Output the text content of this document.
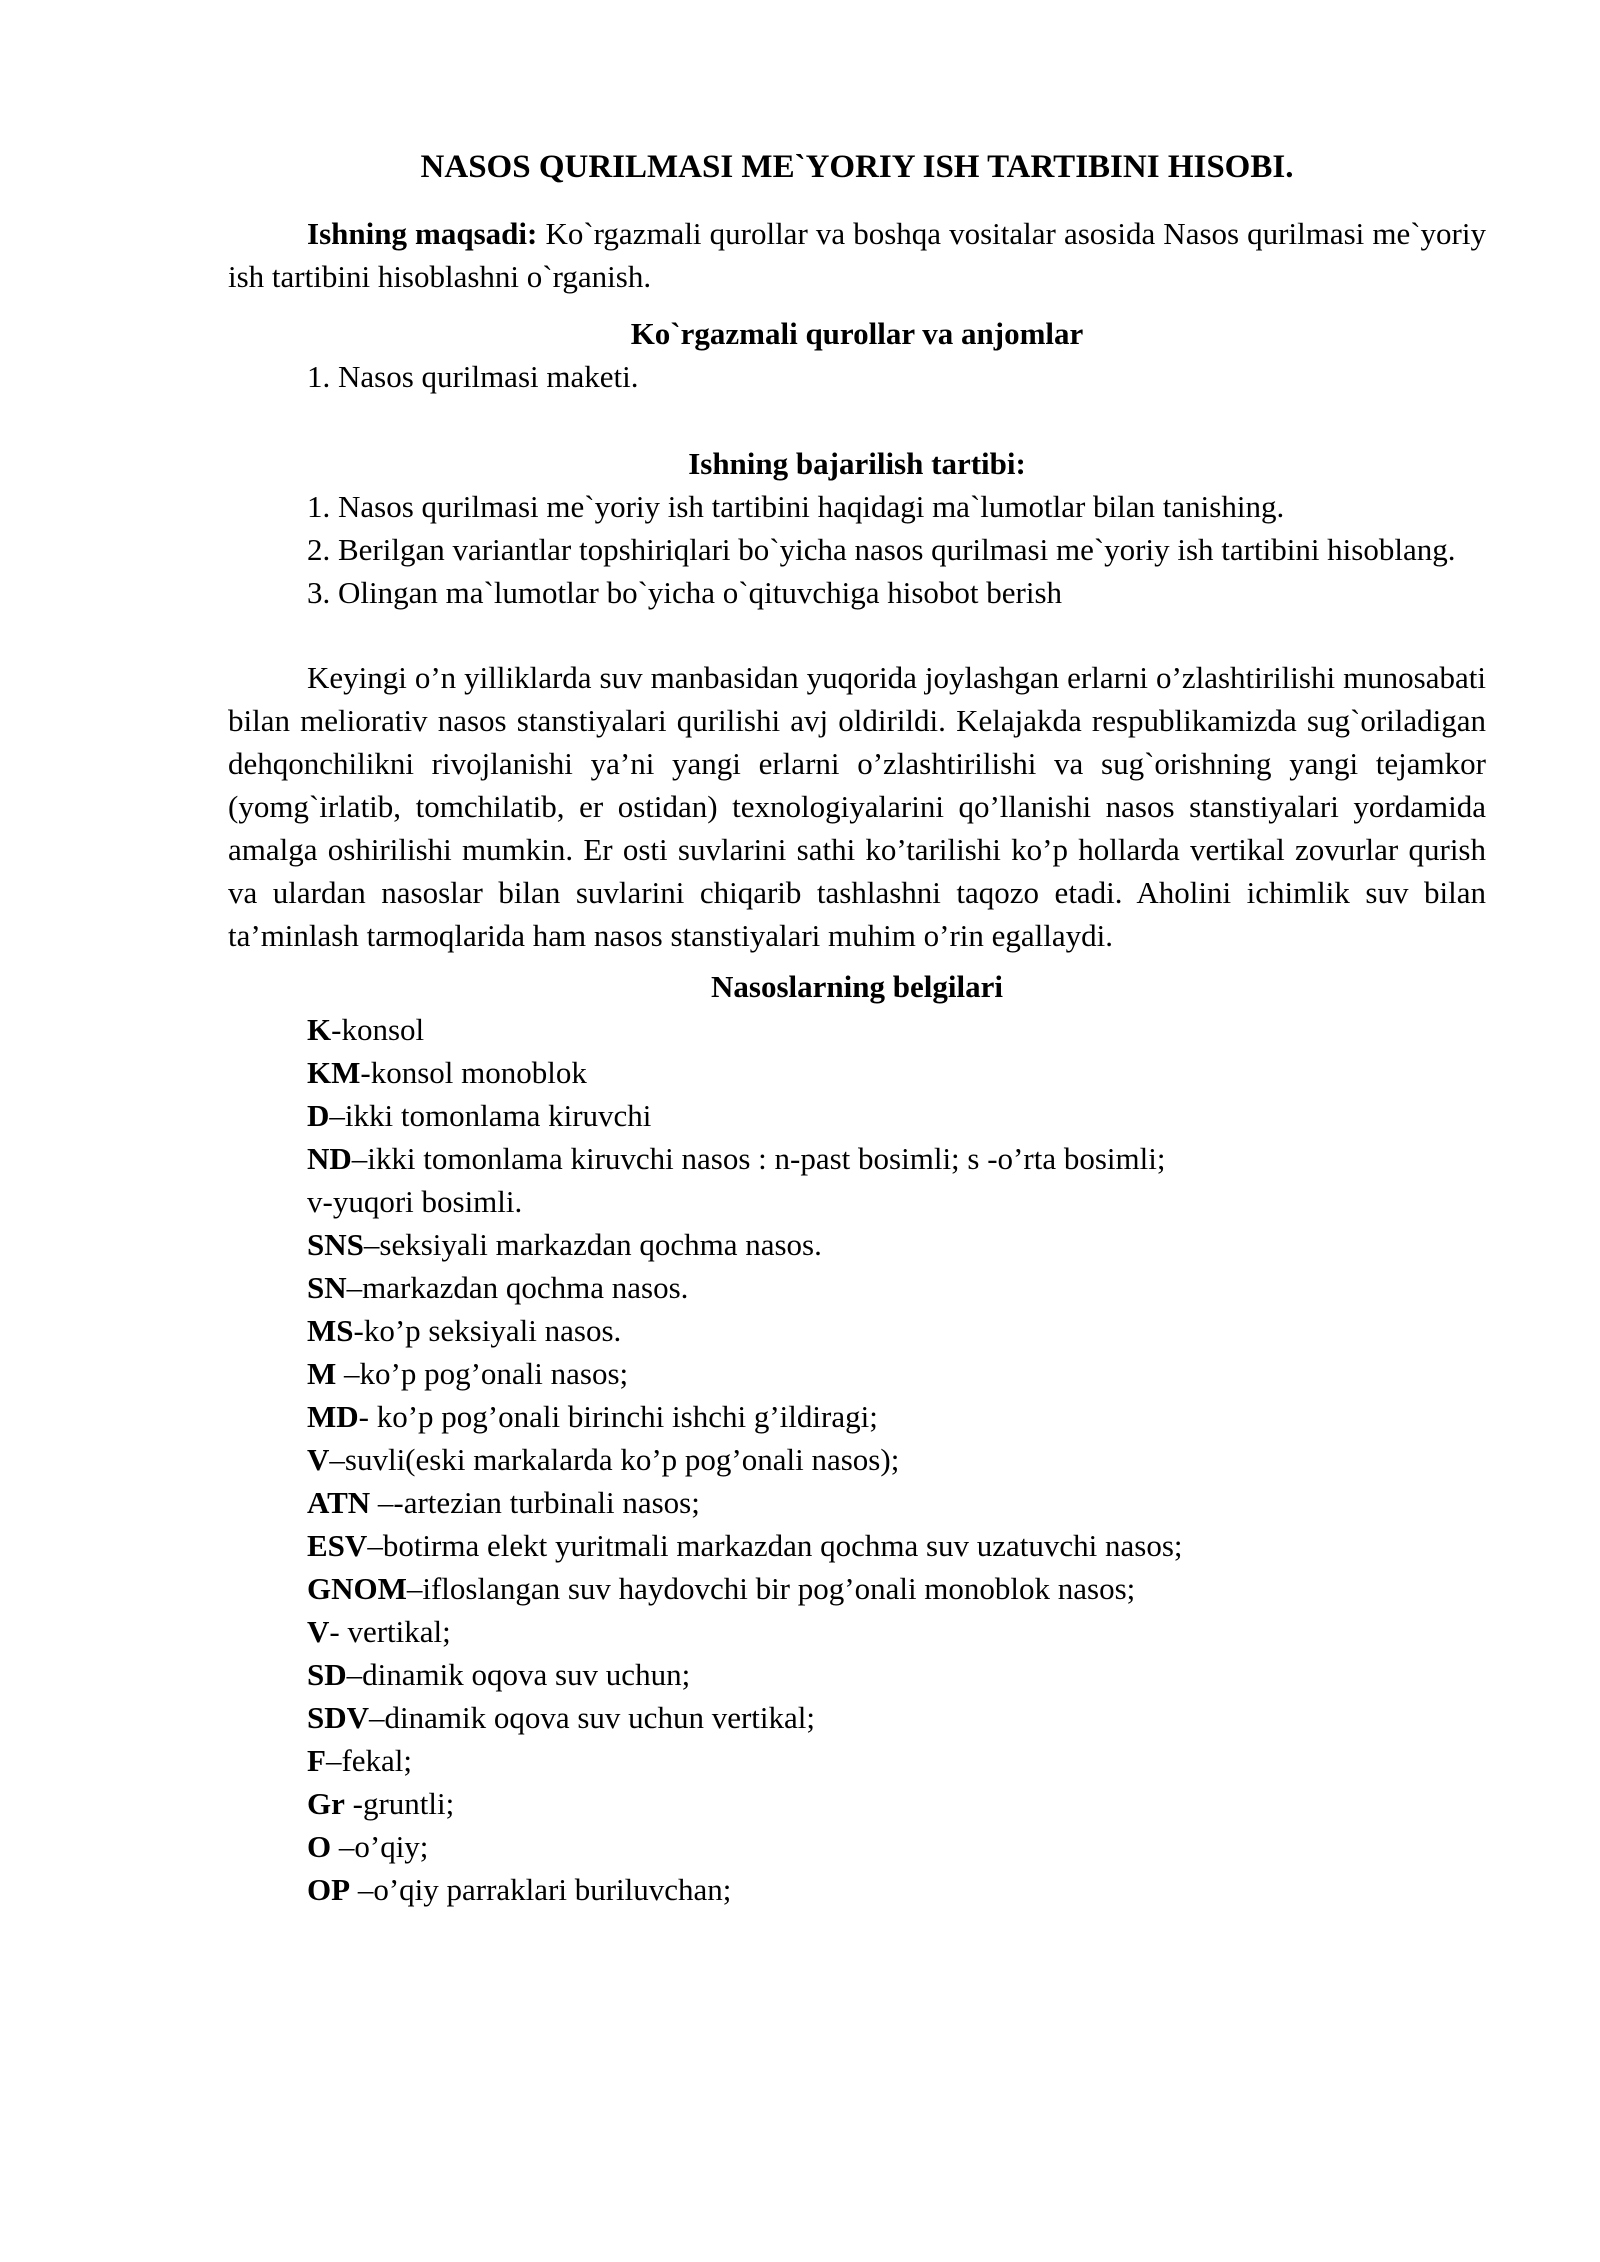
NASOS QURILMASI ME`YORIY ISH TARTIBINI HISOBI.

Ishning maqsadi: Ko`rgazmali qurollar va boshqa vositalar asosida Nasos qurilmasi me`yoriy ish tartibini hisoblashni o`rganish.

Ko`rgazmali qurollar va anjomlar

1. Nasos qurilmasi maketi.

Ishning bajarilish tartibi:

1. Nasos qurilmasi me`yoriy ish tartibini haqidagi ma`lumotlar bilan tanishing.

2. Berilgan variantlar topshiriqlari bo`yicha nasos qurilmasi me`yoriy ish tartibini hisoblang.

3. Olingan ma`lumotlar bo`yicha o`qituvchiga hisobot berish

Keyingi o’n yilliklarda suv manbasidan yuqorida joylashgan erlarni o’zlashtirilishi munosabati bilan meliorativ nasos stanstiyalari qurilishi avj oldirildi. Kelajakda respublikamizda sug`oriladigan dehqonchilikni rivojlanishi ya’ni yangi erlarni o’zlashtirilishi va sug`orishning yangi tejamkor (yomg`irlatib, tomchilatib, er ostidan) texnologiyalarini qo’llanishi nasos stanstiyalari yordamida amalga oshirilishi mumkin. Er osti suvlarini sathi ko’tarilishi ko’p hollarda vertikal zovurlar qurish va ulardan nasoslar bilan suvlarini chiqarib tashlashni taqozo etadi. Aholini ichimlik suv bilan ta’minlash tarmoqlarida ham nasos stanstiyalari muhim o’rin egallaydi.

Nasoslarning belgilari

K-konsol

KM-konsol monoblok

D–ikki tomonlama kiruvchi

ND–ikki tomonlama kiruvchi nasos : n-past bosimli; s -o’rta bosimli;

v-yuqori bosimli.

SNS–seksiyali markazdan qochma nasos.

SN–markazdan qochma nasos.

MS-ko’p seksiyali nasos.

M –ko’p pog’onali nasos;

MD- ko’p pog’onali birinchi ishchi g’ildiragi;

V–suvli(eski markalarda ko’p pog’onali nasos);

ATN –-artezian turbinali nasos;

ESV–botirma elekt yuritmali markazdan qochma suv uzatuvchi nasos;

GNOM–ifloslangan suv haydovchi bir pog’onali monoblok nasos;

V- vertikal;

SD–dinamik oqova suv uchun;

SDV–dinamik oqova suv uchun vertikal;

F–fekal;

Gr -gruntli;

O –o’qiy;

OP –o’qiy parraklari buriluvchan;
